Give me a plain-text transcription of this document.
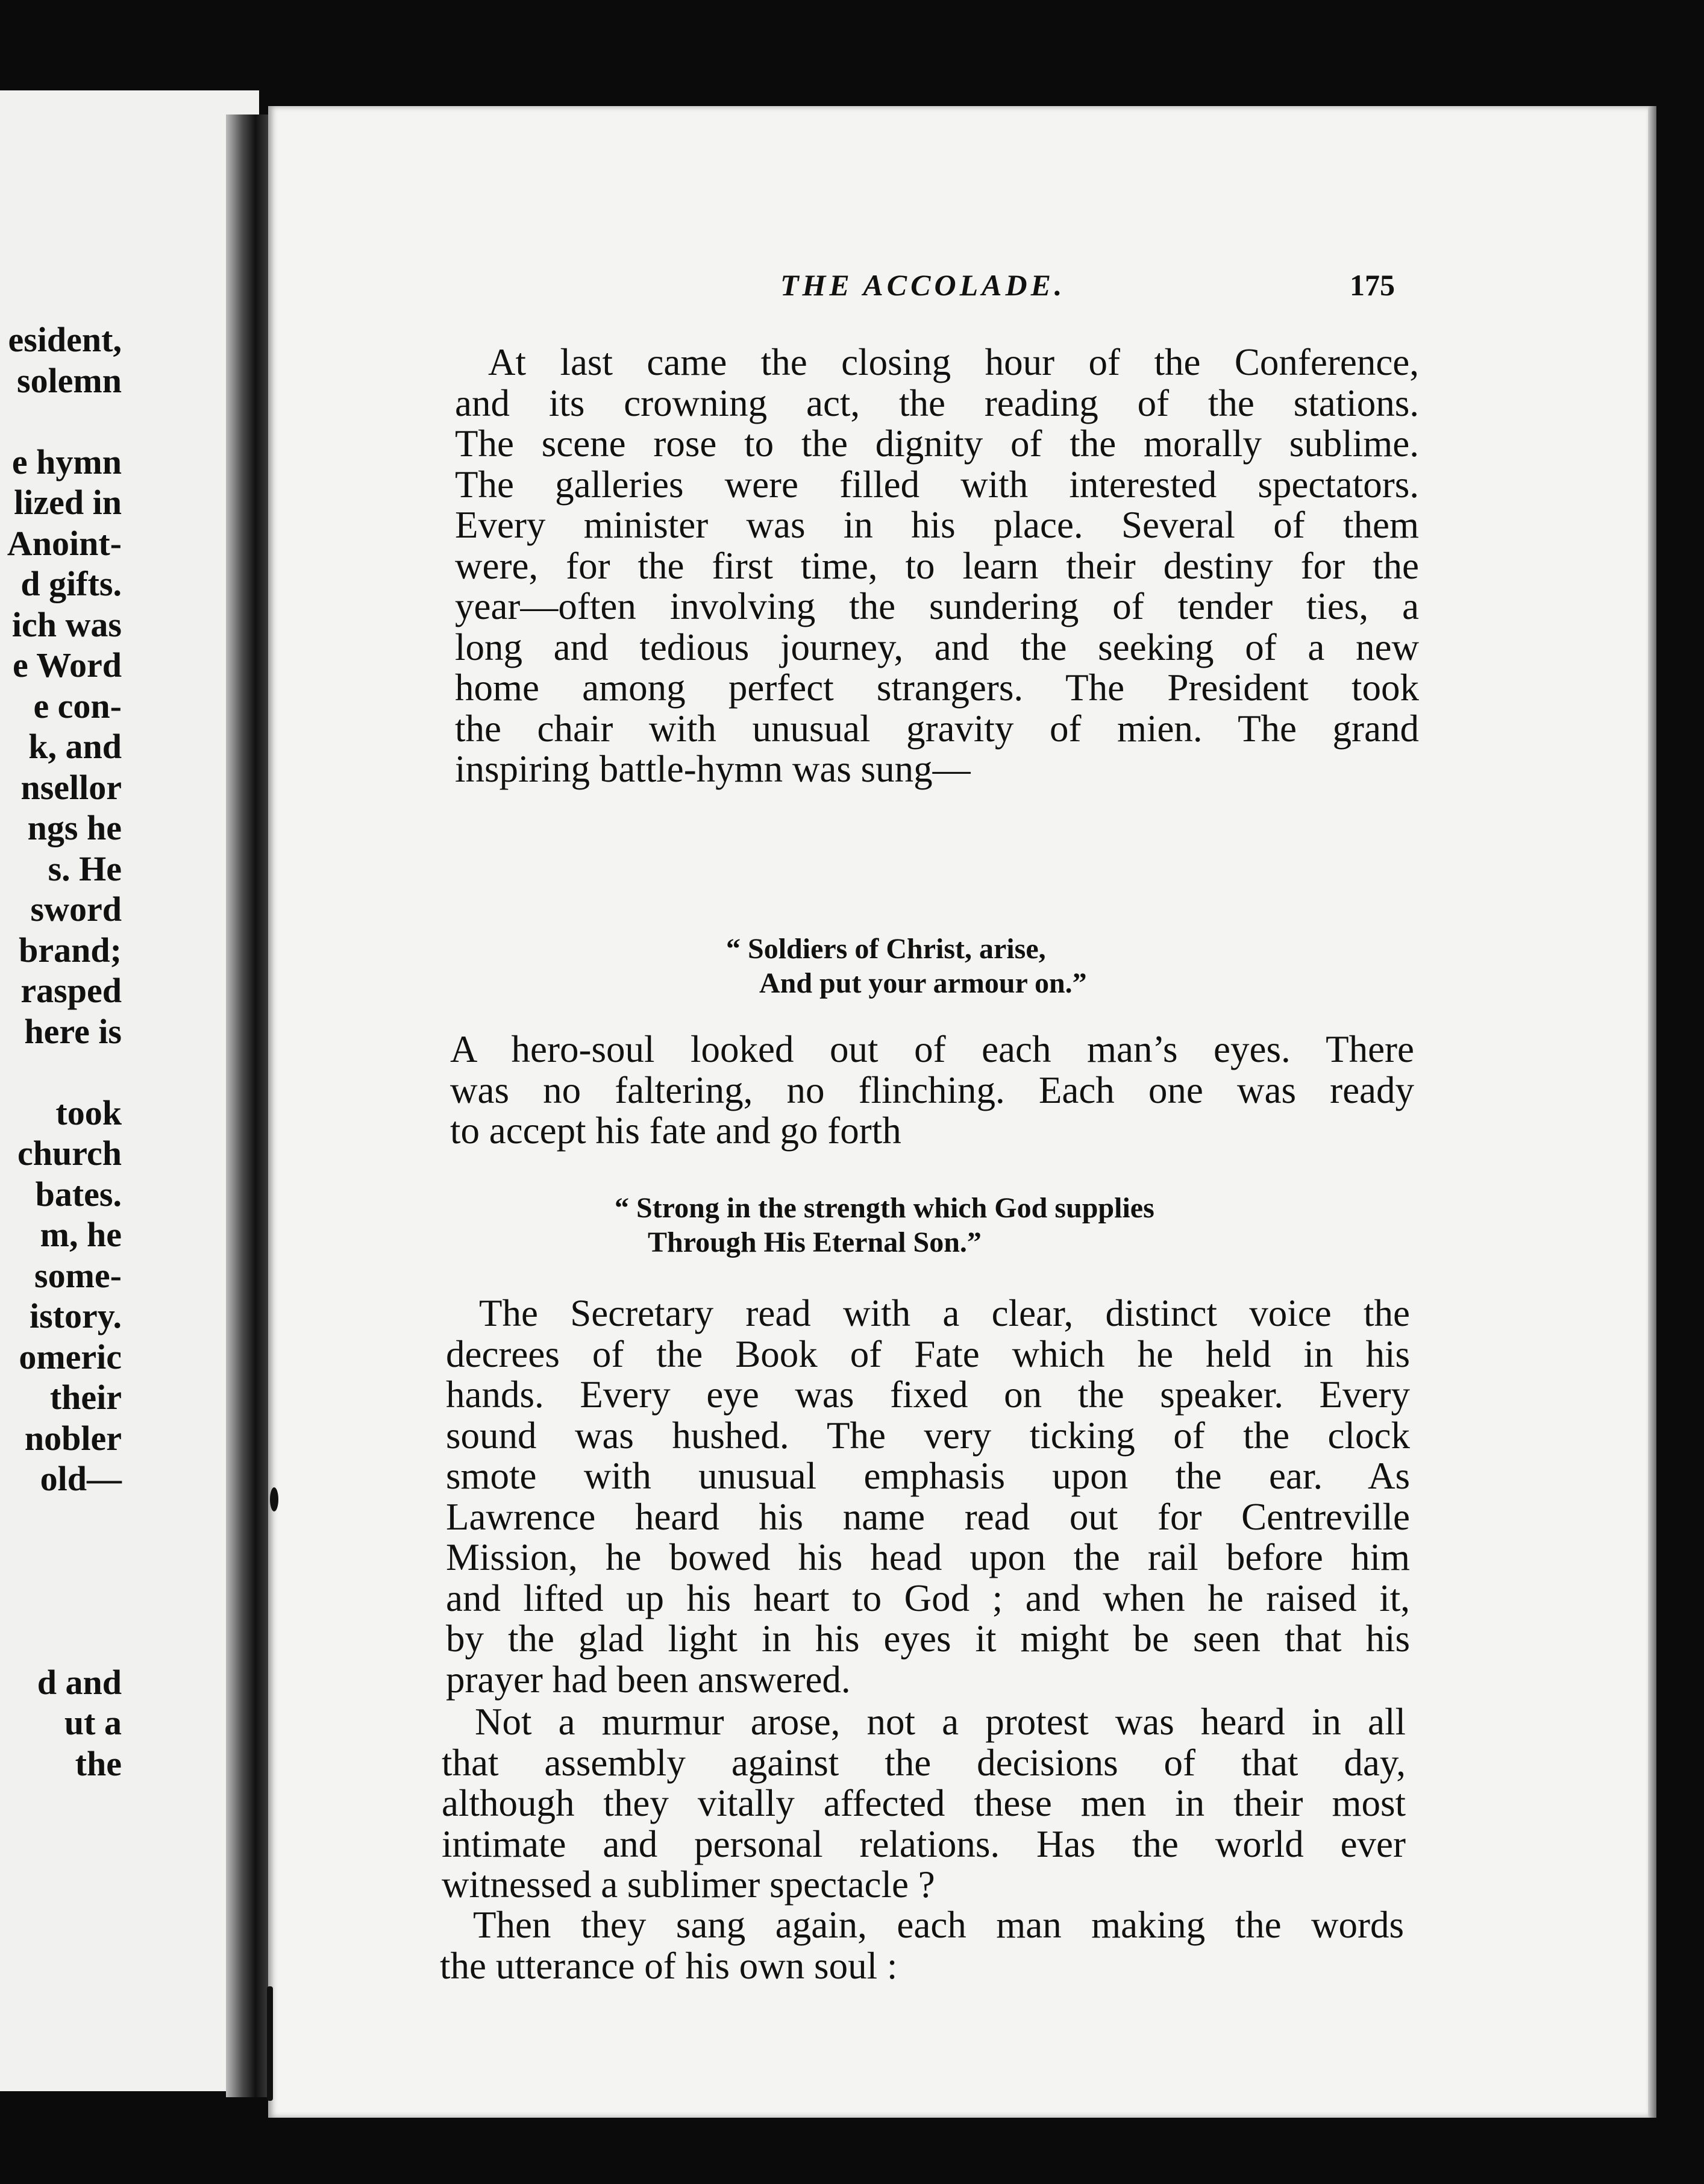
esident,
solemn

e hymn
lized in
Anoint-
d gifts.
ich was
e Word
e con-
k, and
nsellor
ngs he
s. He
sword
brand;
rasped
here is

took
church
bates.
m, he
some-
istory.
omeric
their
nobler
old—

d and
ut a
the
THE ACCOLADE.	175
At last came the closing hour of the Conference,
and its crowning act, the reading of the stations.
The scene rose to the dignity of the morally sublime.
The galleries were filled with interested spectators.
Every minister was in his place. Several of them
were, for the first time, to learn their destiny for the
year—often involving the sundering of tender ties, a
long and tedious journey, and the seeking of a new
home among perfect strangers. The President took
the chair with unusual gravity of mien. The grand
inspiring battle-hymn was sung—
“ Soldiers of Christ, arise,
And put your armour on.”
A hero-soul looked out of each man’s eyes. There
was no faltering, no flinching. Each one was ready
to accept his fate and go forth
“ Strong in the strength which God supplies
Through His Eternal Son.”
The Secretary read with a clear, distinct voice the
decrees of the Book of Fate which he held in his
hands. Every eye was fixed on the speaker. Every
sound was hushed. The very ticking of the clock
smote with unusual emphasis upon the ear. As
Lawrence heard his name read out for Centreville
Mission, he bowed his head upon the rail before him
and lifted up his heart to God ; and when he raised it,
by the glad light in his eyes it might be seen that his
prayer had been answered.
Not a murmur arose, not a protest was heard in all
that assembly against the decisions of that day,
although they vitally affected these men in their most
intimate and personal relations. Has the world ever
witnessed a sublimer spectacle ?
Then they sang again, each man making the words
the utterance of his own soul :
